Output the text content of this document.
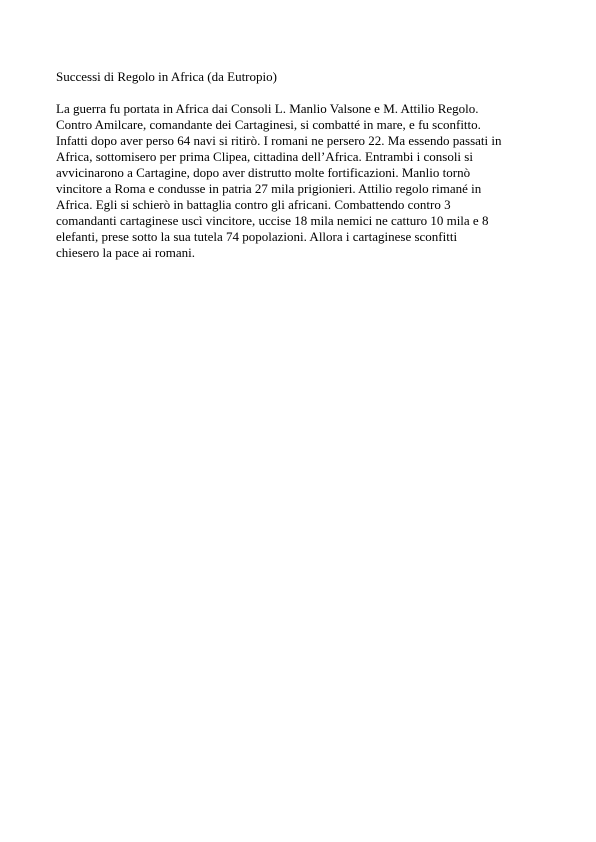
Successi di Regolo in Africa (da Eutropio)

La guerra fu portata in Africa dai Consoli L. Manlio Valsone e M. Attilio Regolo.
Contro Amilcare, comandante dei Cartaginesi, si combatté in mare, e fu sconfitto.
Infatti dopo aver perso 64 navi si ritirò. I romani ne persero 22. Ma essendo passati in
Africa, sottomisero per prima Clipea, cittadina dell’Africa. Entrambi i consoli si
avvicinarono a Cartagine, dopo aver distrutto molte fortificazioni. Manlio tornò
vincitore a Roma e condusse in patria 27 mila prigionieri. Attilio regolo rimané in
Africa. Egli si schierò in battaglia contro gli africani. Combattendo contro 3
comandanti cartaginese uscì vincitore, uccise 18 mila nemici ne catturo 10 mila e 8
elefanti, prese sotto la sua tutela 74 popolazioni. Allora i cartaginese sconfitti
chiesero la pace ai romani.
